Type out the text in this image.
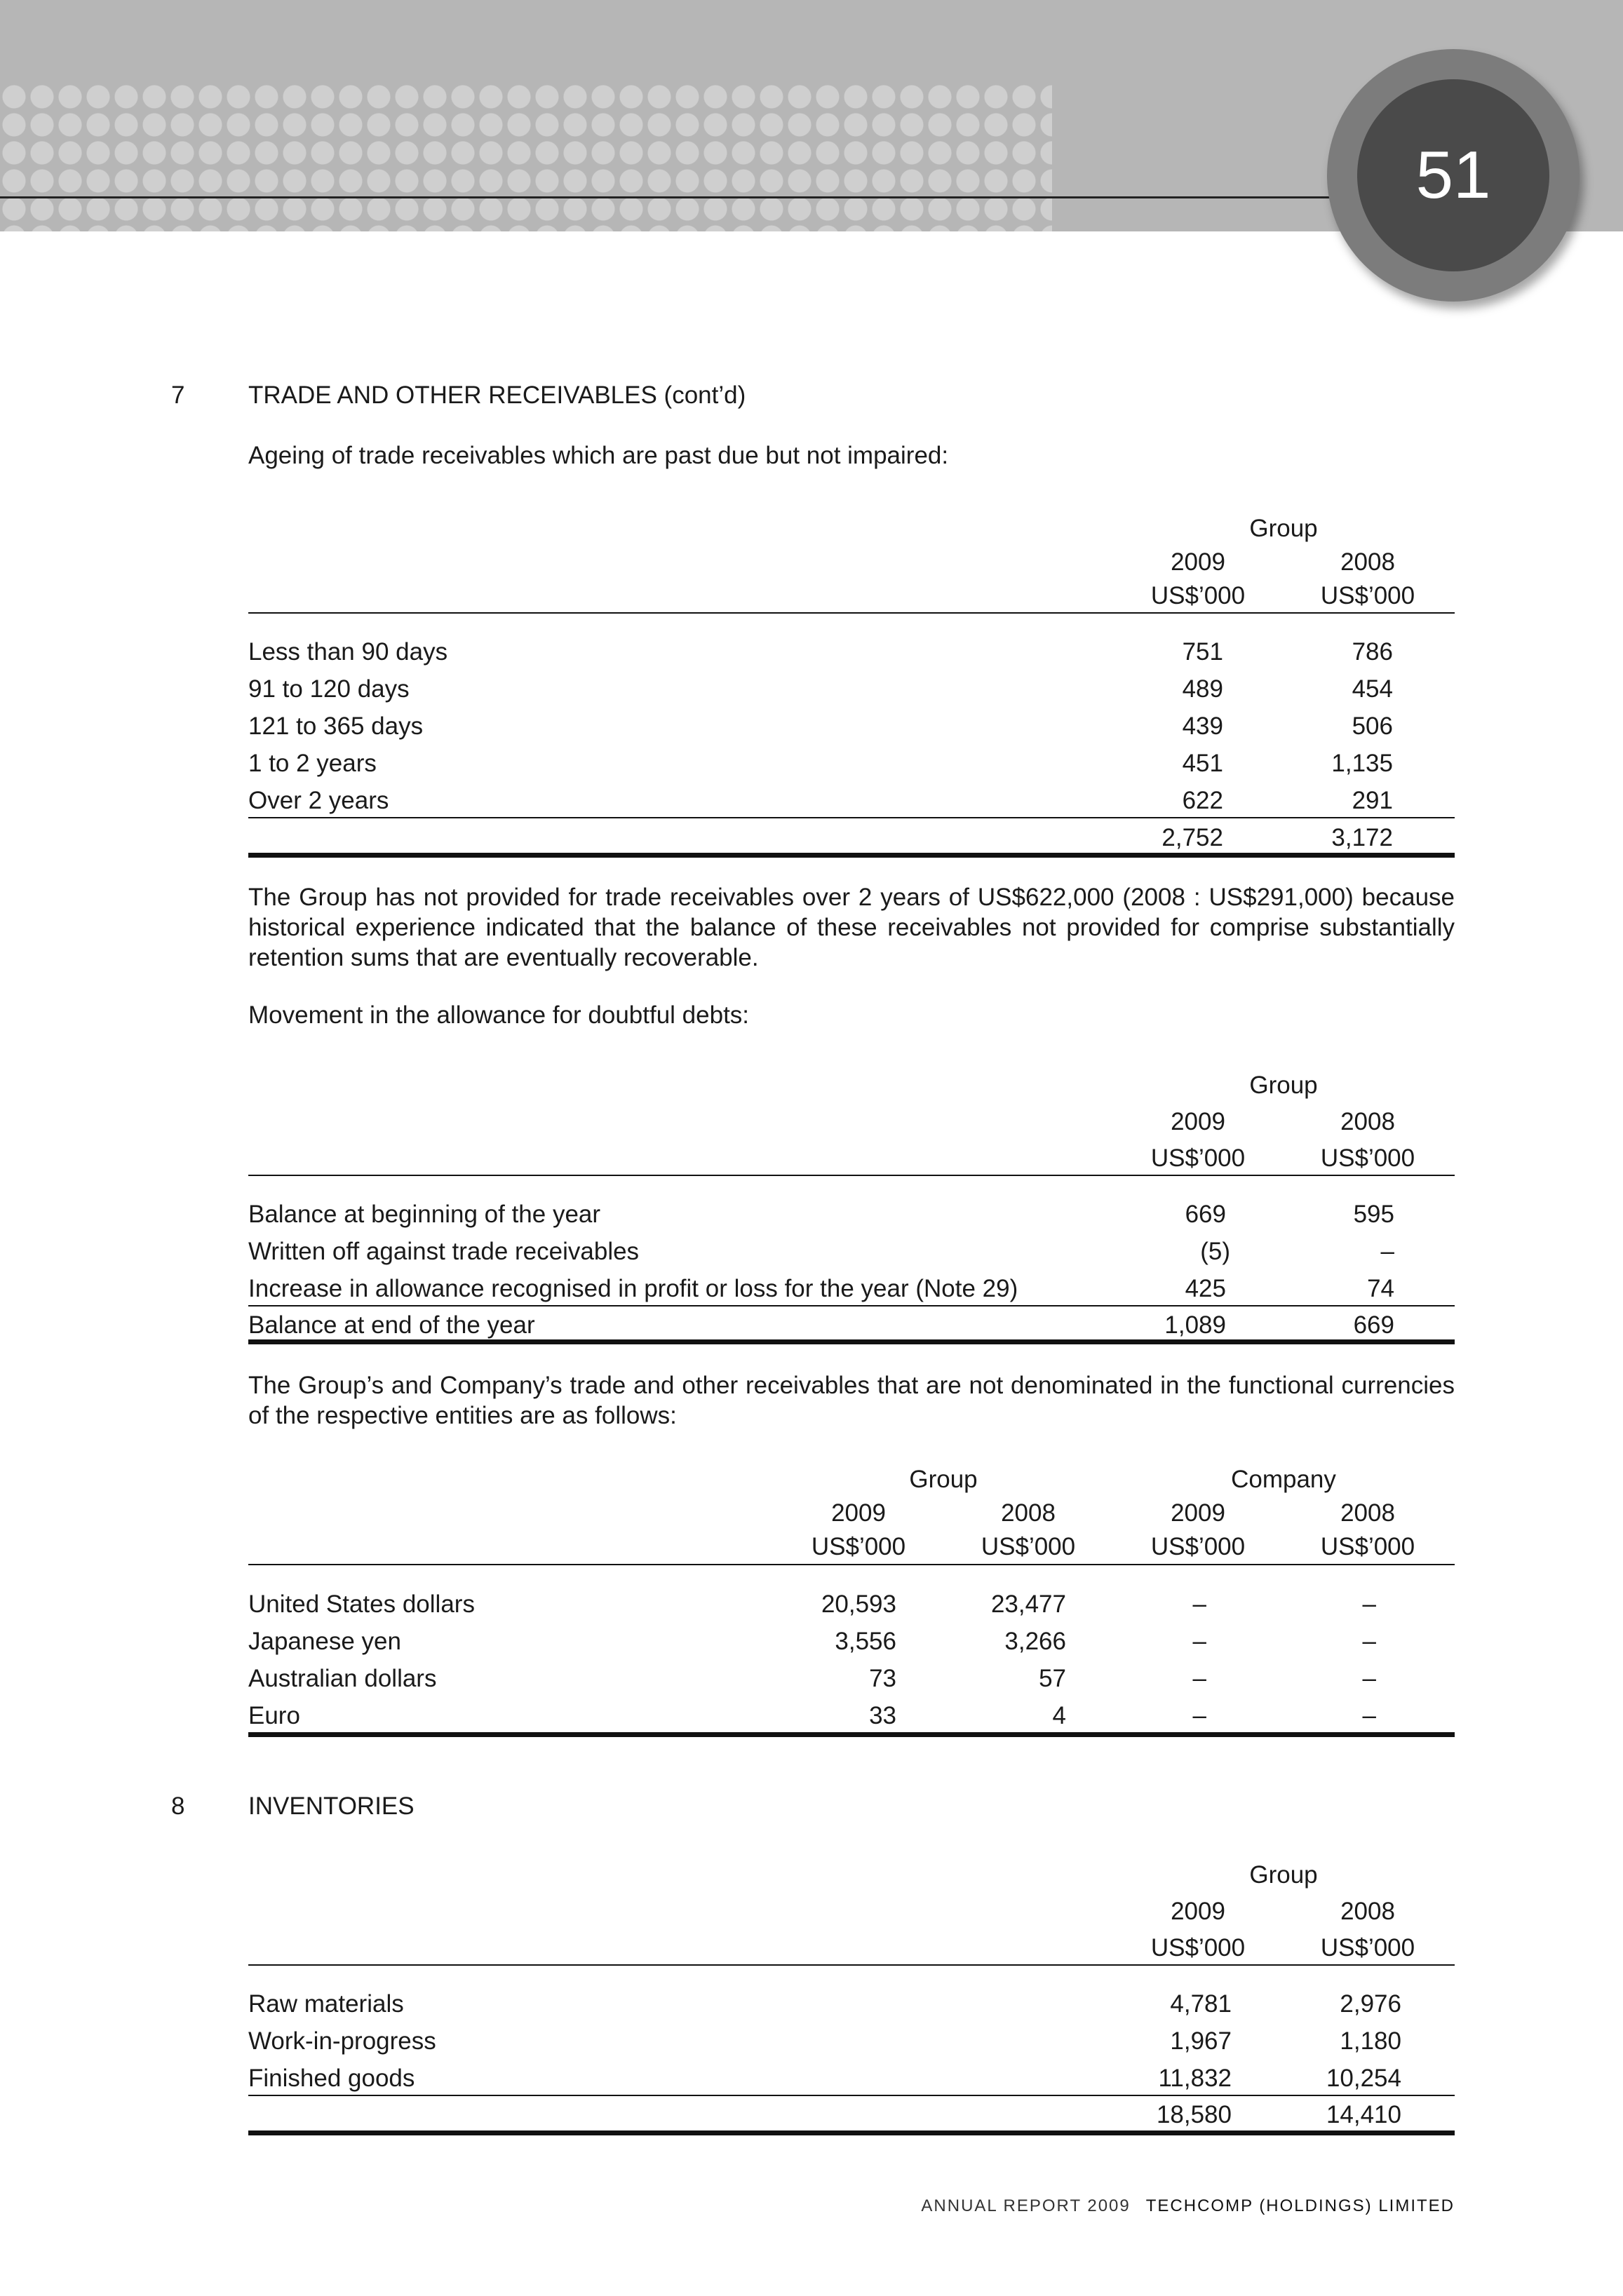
51
7	TRADE AND OTHER RECEIVABLES (cont’d)
Ageing of trade receivables which are past due but not impaired:
Group
2009	2008
US$’000	US$’000
Less than 90 days	751	786
91 to 120 days	489	454
121 to 365 days	439	506
1 to 2 years	451	1,135
Over 2 years	622	291
2,752	3,172
The Group has not provided for trade receivables over 2 years of US$622,000 (2008 : US$291,000) because historical experience indicated that the balance of these receivables not provided for comprise substantially retention sums that are eventually recoverable.
Movement in the allowance for doubtful debts:
Group
2009	2008
US$’000	US$’000
Balance at beginning of the year	669	595
Written off against trade receivables	(5)	–
Increase in allowance recognised in profit or loss for the year (Note 29)	425	74
Balance at end of the year	1,089	669
The Group’s and Company’s trade and other receivables that are not denominated in the functional currencies of the respective entities are as follows:
Group	Company
2009	2008	2009	2008
US$’000	US$’000	US$’000	US$’000
United States dollars	20,593	23,477	–	–
Japanese yen	3,556	3,266	–	–
Australian dollars	73	57	–	–
Euro	33	4	–	–
8	INVENTORIES
Group
2009	2008
US$’000	US$’000
Raw materials	4,781	2,976
Work-in-progress	1,967	1,180
Finished goods	11,832	10,254
18,580	14,410
ANNUAL REPORT 2009 TECHCOMP (HOLDINGS) LIMITED
